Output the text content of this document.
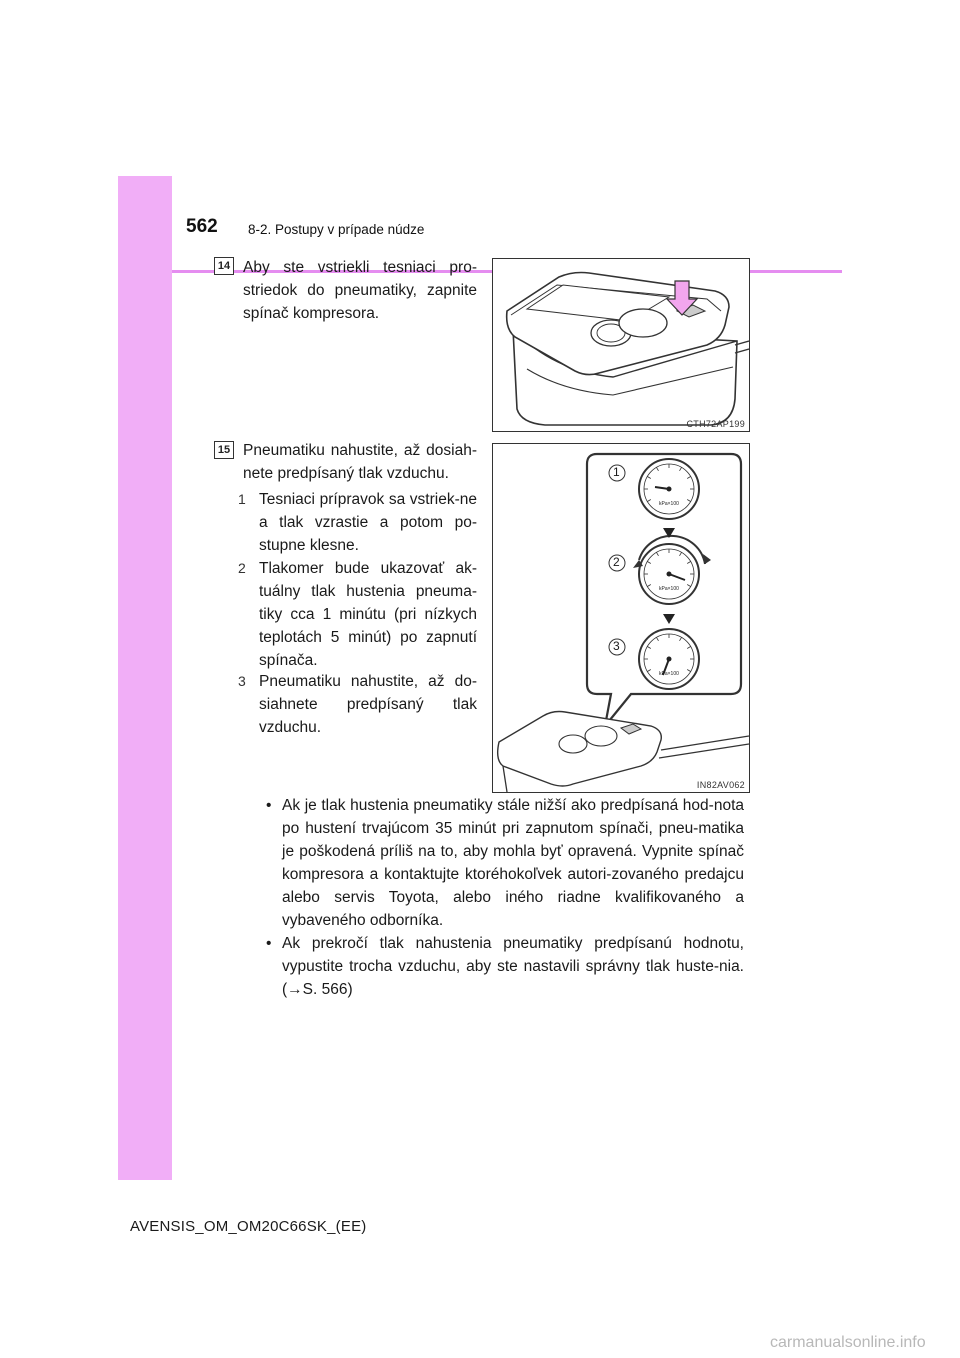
562 8-2. Postupy v prípade núdze
14 Aby ste vstriekli tesniaci pro-striedok do pneumatiky, zapnite spínač kompresora.

CTH72AP199
15 Pneumatiku nahustite, až dosiah-nete predpísaný tlak vzduchu.

1 Tesniaci prípravok sa vstriek-ne a tlak vzrastie a potom po-stupne klesne.

2 Tlakomer bude ukazovať ak-tuálny tlak hustenia pneuma-tiky cca 1 minútu (pri nízkych teplotách 5 minút) po zapnutí spínača.

3 Pneumatiku nahustite, až do-siahnete predpísaný tlak vzduchu.

1
2
3
kPa×100
kPa×100
kPa×100
IN82AV062
• Ak je tlak hustenia pneumatiky stále nižší ako predpísaná hod-nota po hustení trvajúcom 35 minút pri zapnutom spínači, pneu-matika je poškodená príliš na to, aby mohla byť opravená. Vypnite spínač kompresora a kontaktujte ktoréhokoľvek autori-zovaného predajcu alebo servis Toyota, alebo iného riadne kvalifikovaného a vybaveného odborníka.
• Ak prekročí tlak nahustenia pneumatiky predpísanú hodnotu, vypustite trocha vzduchu, aby ste nastavili správny tlak huste-nia. (→S. 566)
AVENSIS_OM_OM20C66SK_(EE)
carmanualsonline.info
